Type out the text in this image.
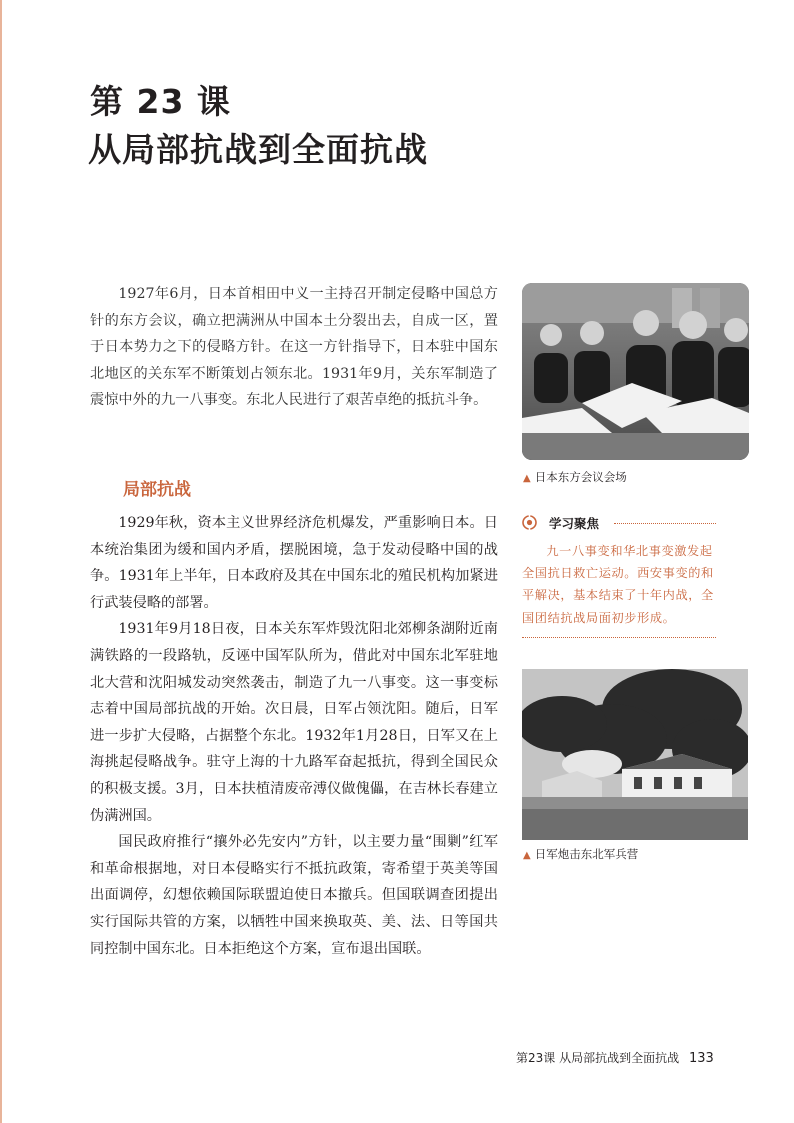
第 23 课
从局部抗战到全面抗战

1927年6月，日本首相田中义一主持召开制定侵略中国总方针的东方会议，确立把满洲从中国本土分裂出去，自成一区，置于日本势力之下的侵略方针。在这一方针指导下，日本驻中国东北地区的关东军不断策划占领东北。1931年9月，关东军制造了震惊中外的九一八事变。东北人民进行了艰苦卓绝的抵抗斗争。

局部抗战

1929年秋，资本主义世界经济危机爆发，严重影响日本。日本统治集团为缓和国内矛盾，摆脱困境，急于发动侵略中国的战争。1931年上半年，日本政府及其在中国东北的殖民机构加紧进行武装侵略的部署。

1931年9月18日夜，日本关东军炸毁沈阳北郊柳条湖附近南满铁路的一段路轨，反诬中国军队所为，借此对中国东北军驻地北大营和沈阳城发动突然袭击，制造了九一八事变。这一事变标志着中国局部抗战的开始。次日晨，日军占领沈阳。随后，日军进一步扩大侵略，占据整个东北。1932年1月28日，日军又在上海挑起侵略战争。驻守上海的十九路军奋起抵抗，得到全国民众的积极支援。3月，日本扶植清废帝溥仪做傀儡，在吉林长春建立伪满洲国。

国民政府推行“攘外必先安内”方针，以主要力量“围剿”红军和革命根据地，对日本侵略实行不抵抗政策，寄希望于英美等国出面调停，幻想依赖国际联盟迫使日本撤兵。但国联调查团提出实行国际共管的方案，以牺牲中国来换取英、美、法、日等国共同控制中国东北。日本拒绝这个方案，宣布退出国联。

▲ 日本东方会议会场

学习聚焦

九一八事变和华北事变激发起全国抗日救亡运动。西安事变的和平解决，基本结束了十年内战，全国团结抗战局面初步形成。

▲ 日军炮击东北军兵营

第23课 从局部抗战到全面抗战 133
